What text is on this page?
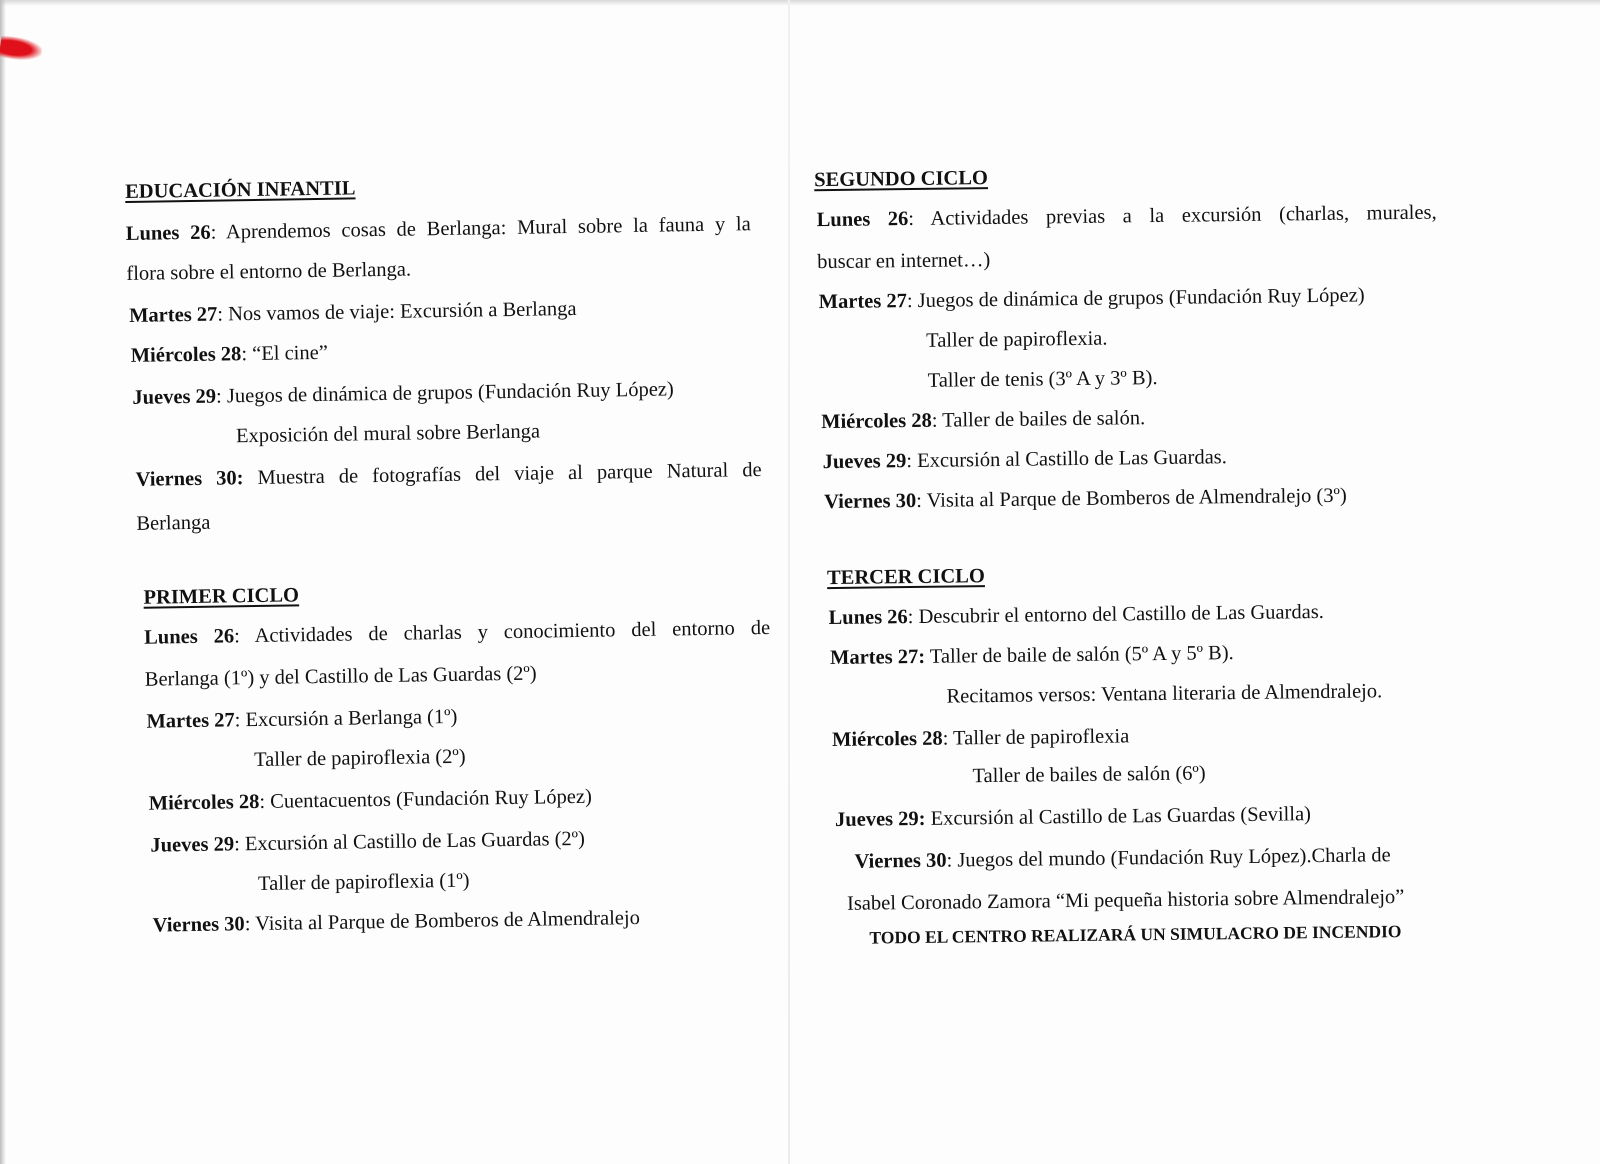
EDUCACIÓN INFANTIL
Lunes 26: Aprendemos cosas de Berlanga: Mural sobre la fauna y la
flora sobre el entorno de Berlanga.
Martes 27: Nos vamos de viaje: Excursión a Berlanga
Miércoles 28: “El cine”
Jueves 29: Juegos de dinámica de grupos (Fundación Ruy López)
Exposición del mural sobre Berlanga
Viernes 30: Muestra de fotografías del viaje al parque Natural de
Berlanga
PRIMER CICLO
Lunes 26: Actividades de charlas y conocimiento del entorno de
Berlanga (1º) y del Castillo de Las Guardas (2º)
Martes 27: Excursión a Berlanga (1º)
Taller de papiroflexia (2º)
Miércoles 28: Cuentacuentos (Fundación Ruy López)
Jueves 29: Excursión al Castillo de Las Guardas (2º)
Taller de papiroflexia (1º)
Viernes 30: Visita al Parque de Bomberos de Almendralejo
SEGUNDO CICLO
Lunes 26: Actividades previas a la excursión (charlas, murales,
buscar en internet…)
Martes 27: Juegos de dinámica de grupos (Fundación Ruy López)
Taller de papiroflexia.
Taller de tenis (3º A y 3º B).
Miércoles 28: Taller de bailes de salón.
Jueves 29: Excursión al Castillo de Las Guardas.
Viernes 30: Visita al Parque de Bomberos de Almendralejo (3º)
TERCER CICLO
Lunes 26: Descubrir el entorno del Castillo de Las Guardas.
Martes 27: Taller de baile de salón (5º A y 5º B).
Recitamos versos: Ventana literaria de Almendralejo.
Miércoles 28: Taller de papiroflexia
Taller de bailes de salón (6º)
Jueves 29: Excursión al Castillo de Las Guardas (Sevilla)
Viernes 30: Juegos del mundo (Fundación Ruy López).Charla de
Isabel Coronado Zamora “Mi pequeña historia sobre Almendralejo”
TODO EL CENTRO REALIZARÁ UN SIMULACRO DE INCENDIO
